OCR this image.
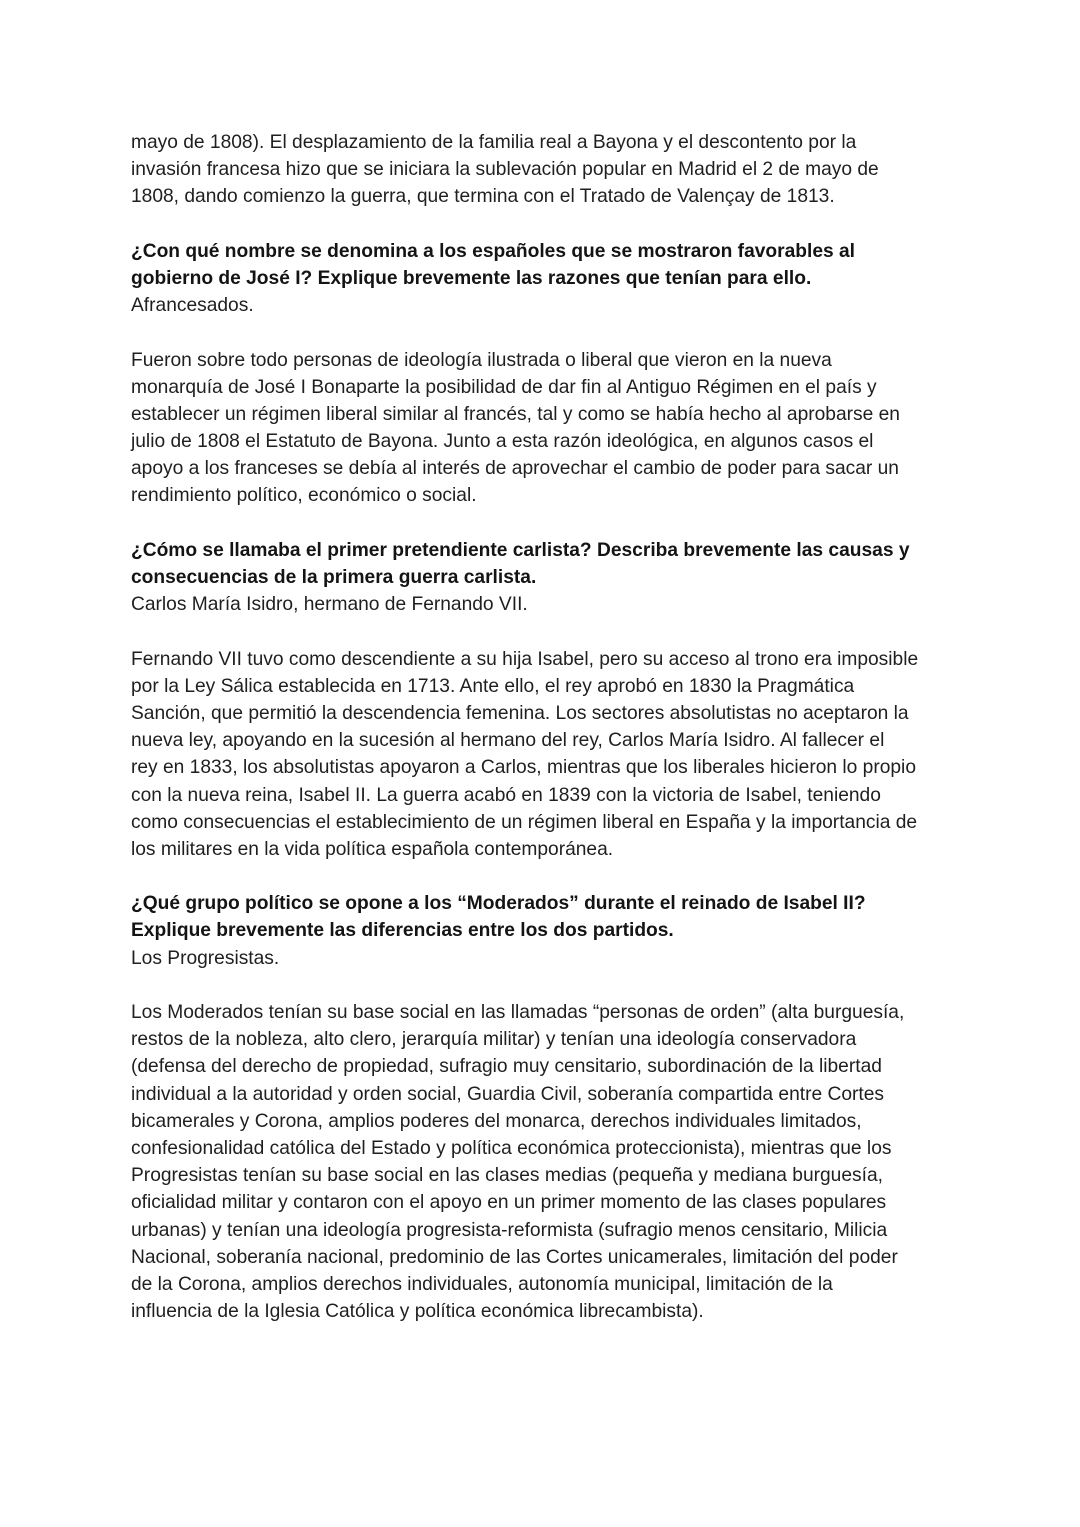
mayo de 1808). El desplazamiento de la familia real a Bayona y el descontento por la

invasión francesa hizo que se iniciara la sublevación popular en Madrid el 2 de mayo de

1808, dando comienzo la guerra, que termina con el Tratado de Valençay de 1813.

¿Con qué nombre se denomina a los españoles que se mostraron favorables al

gobierno de José I? Explique brevemente las razones que tenían para ello.

Afrancesados.

Fueron sobre todo personas de ideología ilustrada o liberal que vieron en la nueva

monarquía de José I Bonaparte la posibilidad de dar fin al Antiguo Régimen en el país y

establecer un régimen liberal similar al francés, tal y como se había hecho al aprobarse en

julio de 1808 el Estatuto de Bayona. Junto a esta razón ideológica, en algunos casos el

apoyo a los franceses se debía al interés de aprovechar el cambio de poder para sacar un

rendimiento político, económico o social.

¿Cómo se llamaba el primer pretendiente carlista? Describa brevemente las causas y

consecuencias de la primera guerra carlista.

Carlos María Isidro, hermano de Fernando VII.

Fernando VII tuvo como descendiente a su hija Isabel, pero su acceso al trono era imposible

por la Ley Sálica establecida en 1713. Ante ello, el rey aprobó en 1830 la Pragmática

Sanción, que permitió la descendencia femenina. Los sectores absolutistas no aceptaron la

nueva ley, apoyando en la sucesión al hermano del rey, Carlos María Isidro. Al fallecer el

rey en 1833, los absolutistas apoyaron a Carlos, mientras que los liberales hicieron lo propio

con la nueva reina, Isabel II. La guerra acabó en 1839 con la victoria de Isabel, teniendo

como consecuencias el establecimiento de un régimen liberal en España y la importancia de

los militares en la vida política española contemporánea.

¿Qué grupo político se opone a los “Moderados” durante el reinado de Isabel II?

Explique brevemente las diferencias entre los dos partidos.

Los Progresistas.

Los Moderados tenían su base social en las llamadas “personas de orden” (alta burguesía,

restos de la nobleza, alto clero, jerarquía militar) y tenían una ideología conservadora

(defensa del derecho de propiedad, sufragio muy censitario, subordinación de la libertad

individual a la autoridad y orden social, Guardia Civil, soberanía compartida entre Cortes

bicamerales y Corona, amplios poderes del monarca, derechos individuales limitados,

confesionalidad católica del Estado y política económica proteccionista), mientras que los

Progresistas tenían su base social en las clases medias (pequeña y mediana burguesía,

oficialidad militar y contaron con el apoyo en un primer momento de las clases populares

urbanas) y tenían una ideología progresista-reformista (sufragio menos censitario, Milicia

Nacional, soberanía nacional, predominio de las Cortes unicamerales, limitación del poder

de la Corona, amplios derechos individuales, autonomía municipal, limitación de la

influencia de la Iglesia Católica y política económica librecambista).
